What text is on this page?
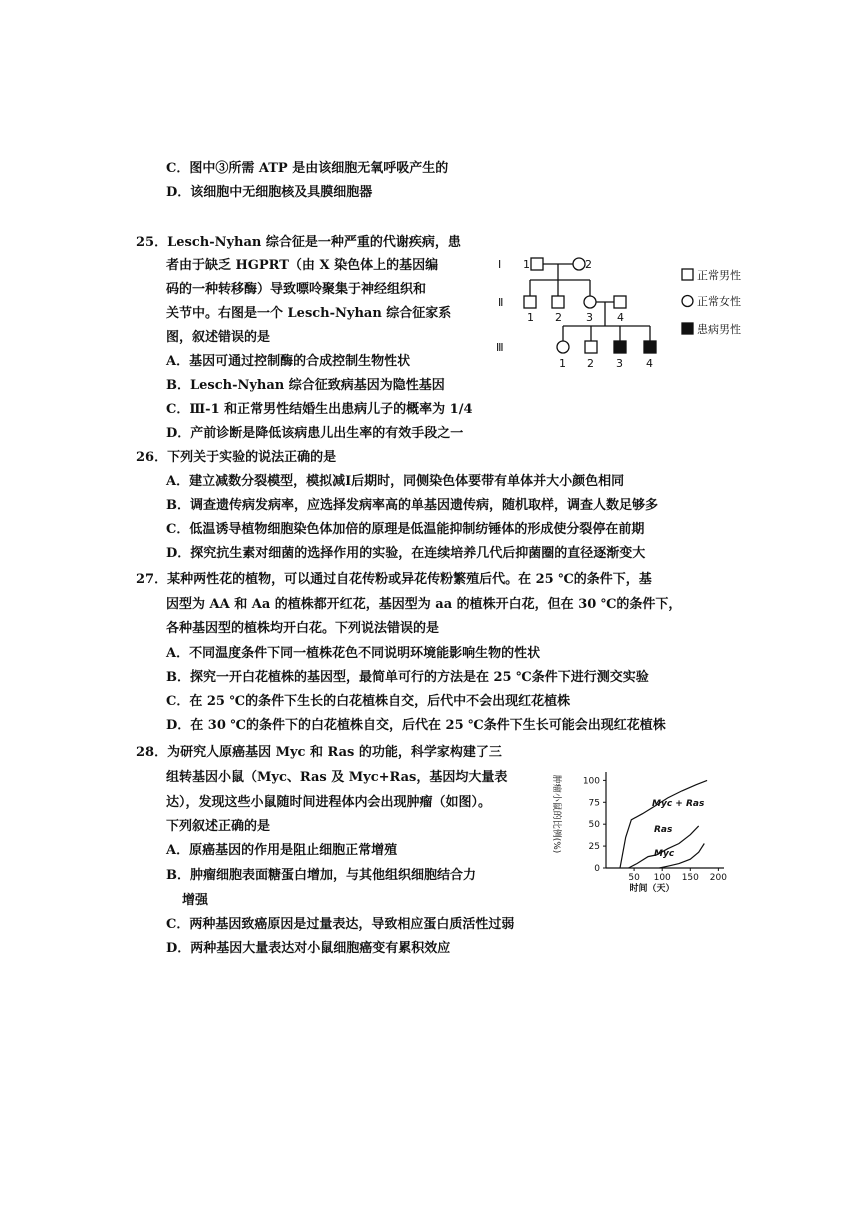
C．图中③所需 ATP 是由该细胞无氧呼吸产生的
D．该细胞中无细胞核及具膜细胞器
25．Lesch-Nyhan 综合征是一种严重的代谢疾病，患
者由于缺乏 HGPRT（由 X 染色体上的基因编
码的一种转移酶）导致嘌呤聚集于神经组织和
关节中。右图是一个 Lesch-Nyhan 综合征家系
图，叙述错误的是
A．基因可通过控制酶的合成控制生物性状
B．Lesch-Nyhan 综合征致病基因为隐性基因
C．Ⅲ-1 和正常男性结婚生出患病儿子的概率为 1/4
D．产前诊断是降低该病患儿出生率的有效手段之一
26．下列关于实验的说法正确的是
A．建立减数分裂模型，模拟减Ⅰ后期时，同侧染色体要带有单体并大小颜色相同
B．调查遗传病发病率，应选择发病率高的单基因遗传病，随机取样，调查人数足够多
C．低温诱导植物细胞染色体加倍的原理是低温能抑制纺锤体的形成使分裂停在前期
D．探究抗生素对细菌的选择作用的实验，在连续培养几代后抑菌圈的直径逐渐变大
27．某种两性花的植物，可以通过自花传粉或异花传粉繁殖后代。在 25 ℃的条件下，基
因型为 AA 和 Aa 的植株都开红花，基因型为 aa 的植株开白花，但在 30 ℃的条件下，
各种基因型的植株均开白花。下列说法错误的是
A．不同温度条件下同一植株花色不同说明环境能影响生物的性状
B．探究一开白花植株的基因型，最简单可行的方法是在 25 ℃条件下进行测交实验
C．在 25 ℃的条件下生长的白花植株自交，后代中不会出现红花植株
D．在 30 ℃的条件下的白花植株自交，后代在 25 ℃条件下生长可能会出现红花植株
28．为研究人原癌基因 Myc 和 Ras 的功能，科学家构建了三
组转基因小鼠（Myc、Ras 及 Myc+Ras，基因均大量表
达），发现这些小鼠随时间进程体内会出现肿瘤（如图）。
下列叙述正确的是
A．原癌基因的作用是阻止细胞正常增殖
B．肿瘤细胞表面糖蛋白增加，与其他组织细胞结合力
增强
C．两种基因致癌原因是过量表达，导致相应蛋白质活性过弱
D．两种基因大量表达对小鼠细胞癌变有累积效应
Ⅰ
Ⅱ
Ⅲ
1	2
1 2 3 4
1 2 3 4
正常男性
正常女性
患病男性
肿瘤小鼠的比例(%)
0
25
50
75
100
50 100 150 200
Myc + Ras
Ras
Myc
时间（天）
